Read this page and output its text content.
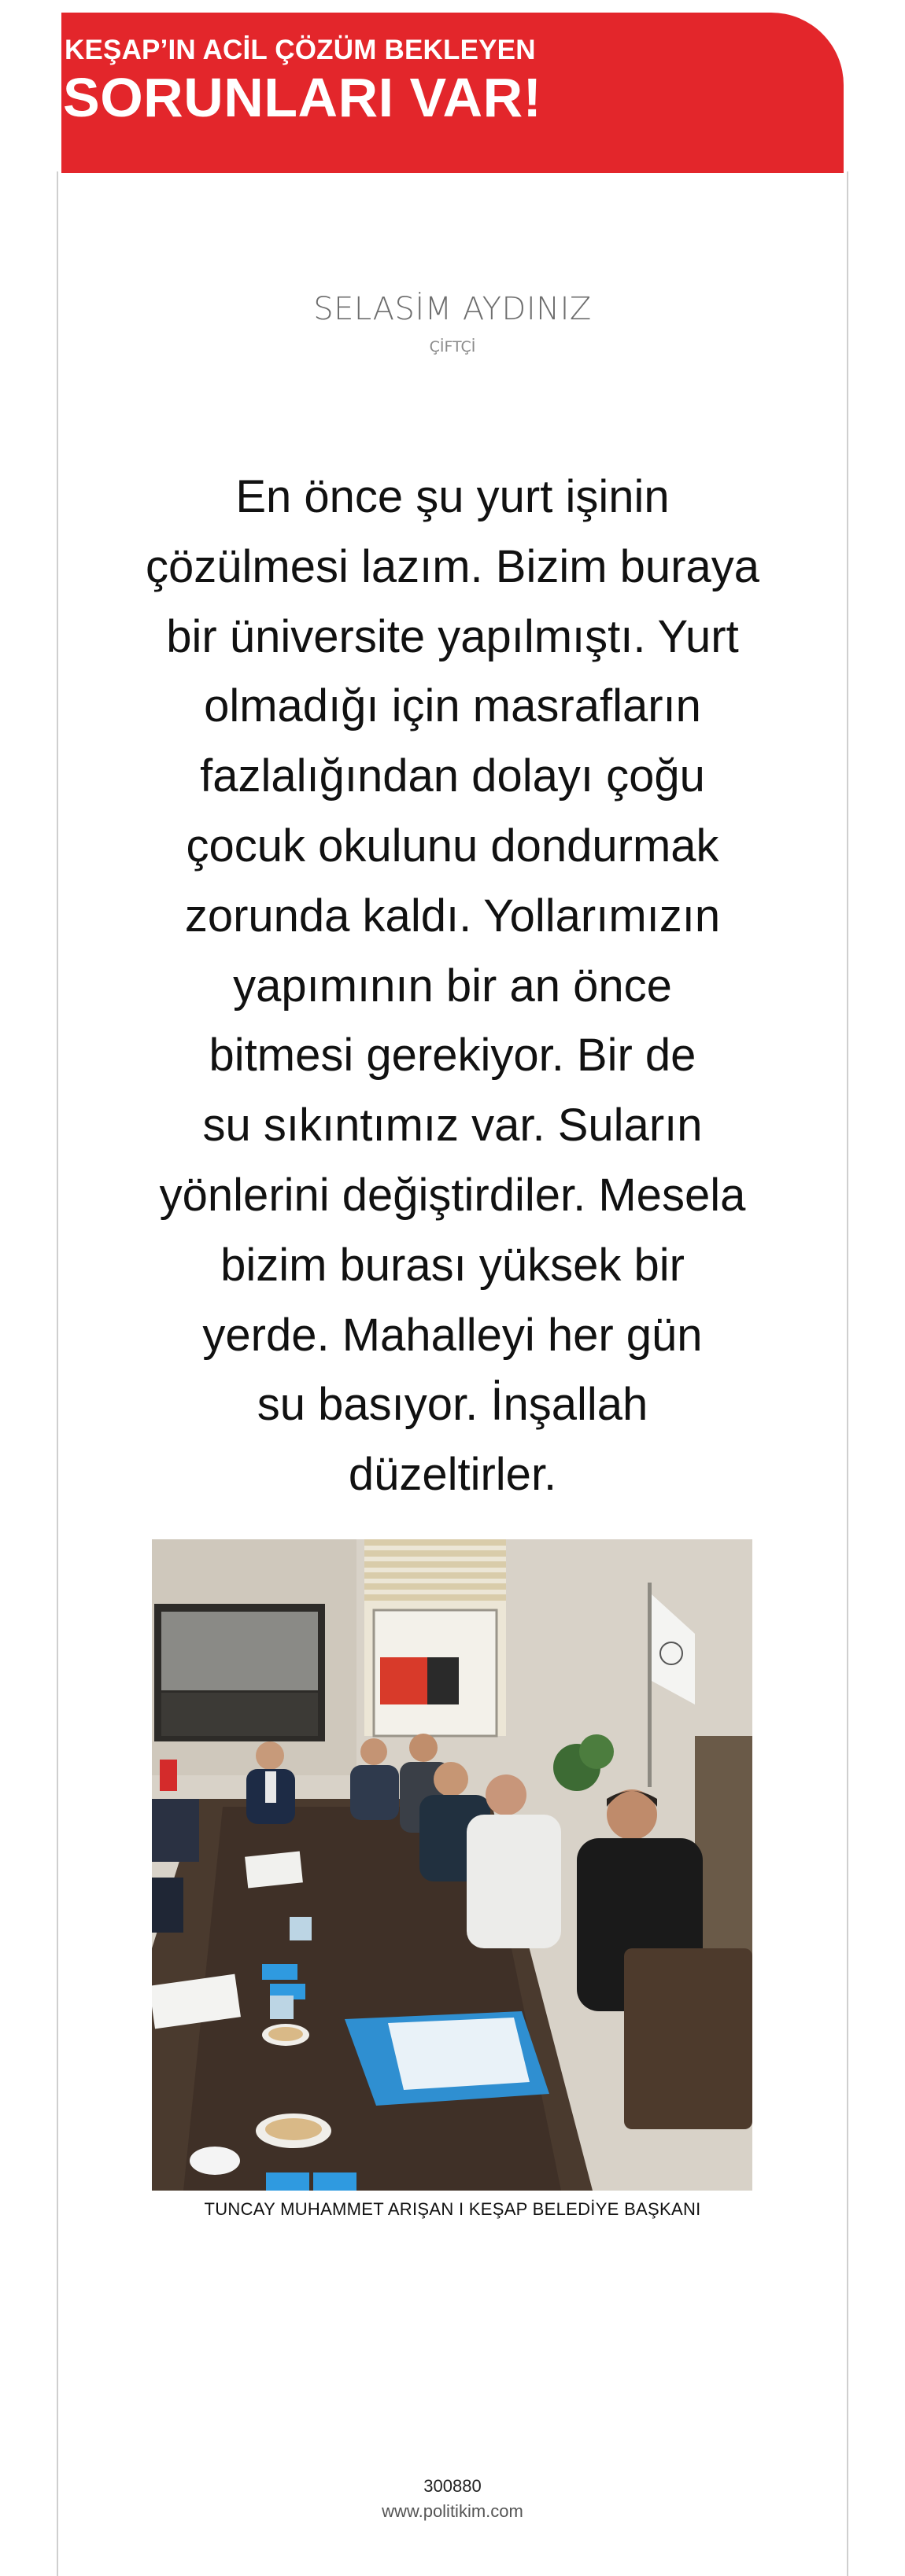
KEŞAP’IN ACİL ÇÖZÜM BEKLEYEN
SORUNLARI VAR!
SELASİM AYDINIZ
ÇİFTÇİ

En önce şu yurt işinin
çözülmesi lazım. Bizim buraya
bir üniversite yapılmıştı. Yurt
olmadığı için masrafların
fazlalığından dolayı çoğu
çocuk okulunu dondurmak
zorunda kaldı. Yollarımızın
yapımının bir an önce
bitmesi gerekiyor. Bir de
su sıkıntımız var. Suların
yönlerini değiştirdiler. Mesela
bizim burası yüksek bir
yerde. Mahalleyi her gün
su basıyor. İnşallah
düzeltirler.

TUNCAY MUHAMMET ARIŞAN I KEŞAP BELEDİYE BAŞKANI
300880
www.politikim.com
